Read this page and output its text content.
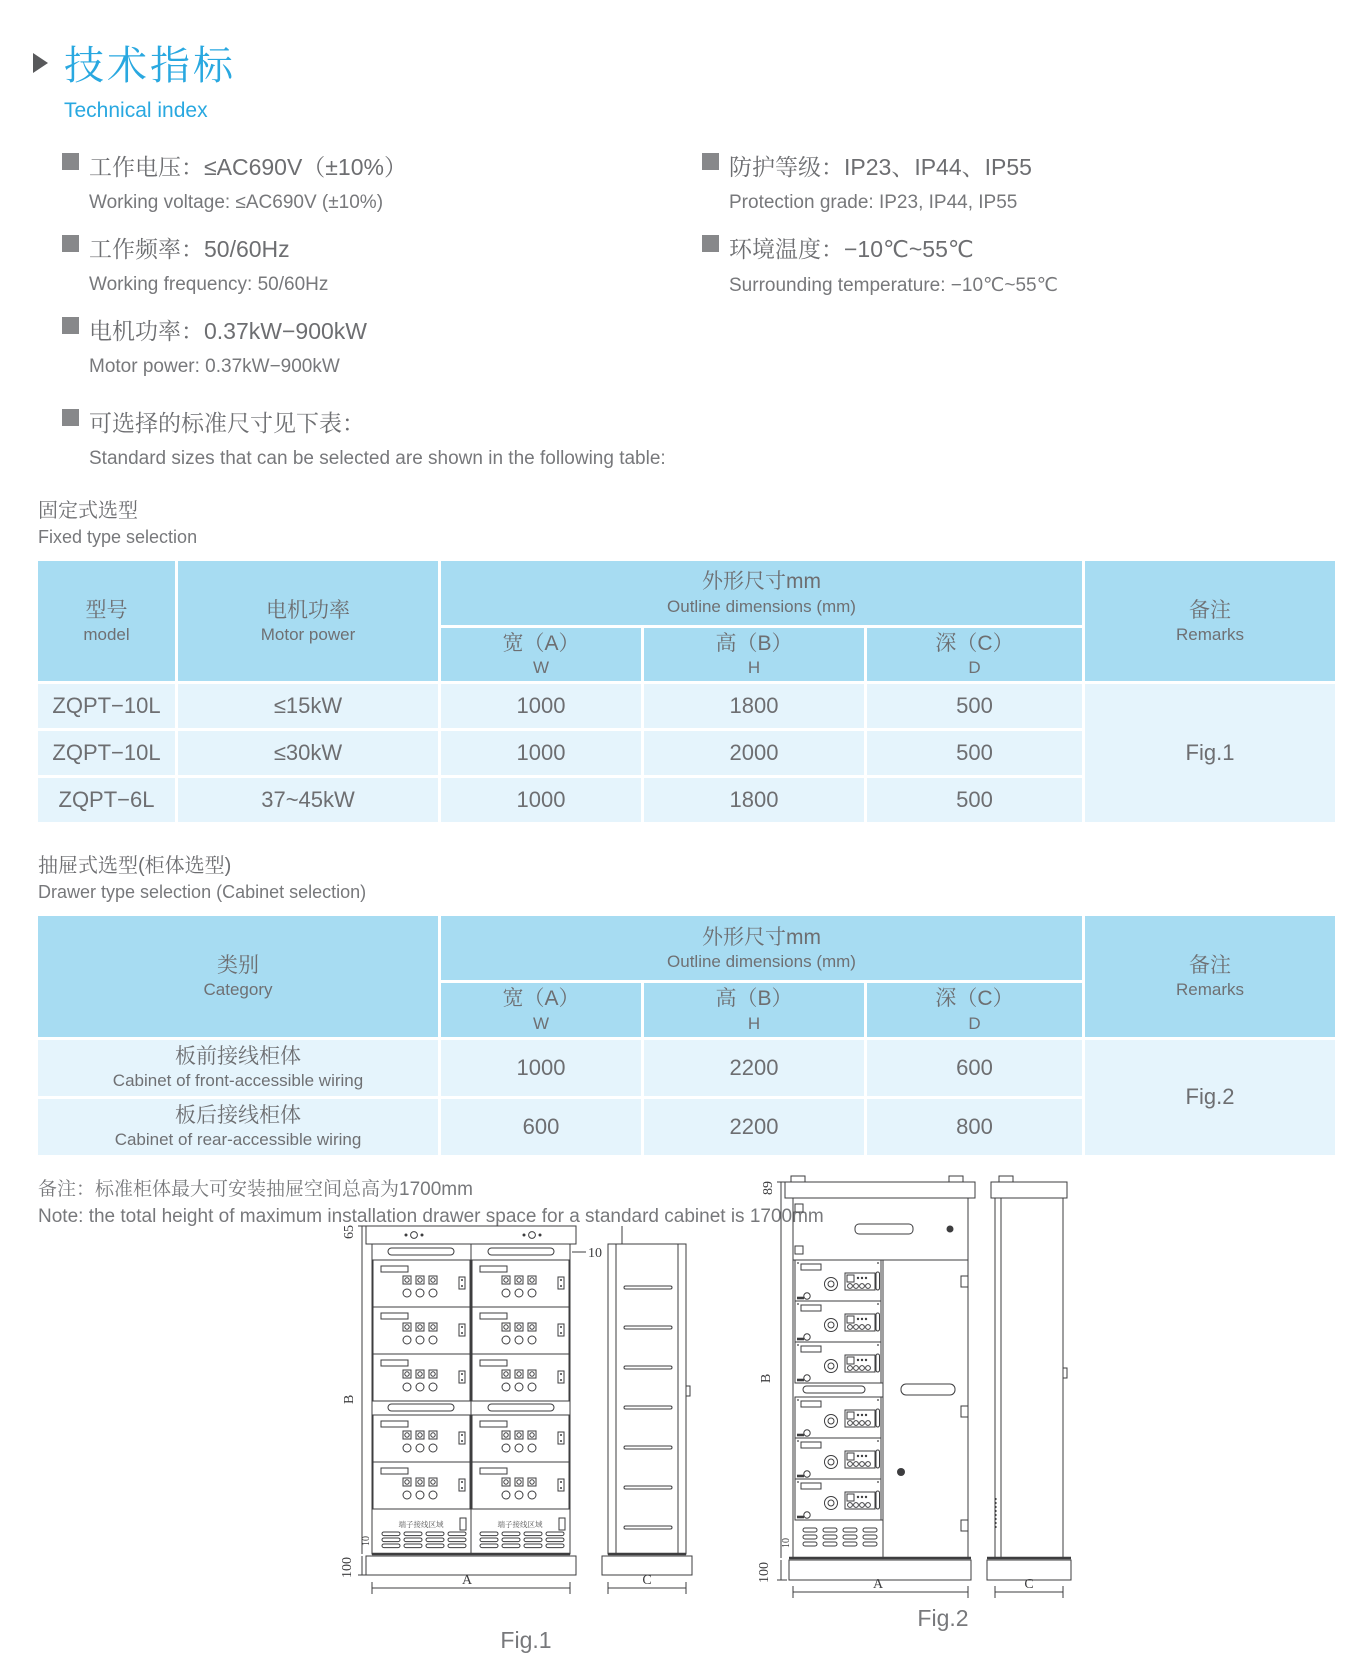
技术指标
Technical index
工作电压：≤AC690V（±10%）
Working voltage: ≤AC690V (±10%)
工作频率：50/60Hz
Working frequency: 50/60Hz
电机功率：0.37kW−900kW
Motor power: 0.37kW−900kW
防护等级：IP23、IP44、IP55
Protection grade: IP23, IP44, IP55
环境温度：−10℃~55℃
Surrounding temperature: −10℃~55℃
可选择的标准尺寸见下表：
Standard sizes that can be selected are shown in the following table:
固定式选型
Fixed type selection
型号
model	电机功率
Motor power	外形尺寸mm
Outline dimensions (mm)			备注
Remarks

		宽（A）
W	高（B）
H	深（C）
D	

ZQPT−10L	≤15kW	1000	1800	500	Fig.1
ZQPT−10L	≤30kW	1000	2000	500	
ZQPT−6L	37~45kW	1000	1800	500	
抽屉式选型(柜体选型)
Drawer type selection (Cabinet selection)
类别
Category	外形尺寸mm
Outline dimensions (mm)			备注
Remarks

	宽（A）
W	高（B）
H	深（C）
D	

板前接线柜体
Cabinet of front-accessible wiring	1000	2200	600	Fig.2

板后接线柜体
Cabinet of rear-accessible wiring	600	2200	800	
备注：标准柜体最大可安装抽屉空间总高为1700mm
Note: the total height of maximum installation drawer space for a standard cabinet is 1700mm
端子接线区域	端子接线区域
65
B
10
100
10
A	C
Fig.1
89
B
10
100
A	C
Fig.2
